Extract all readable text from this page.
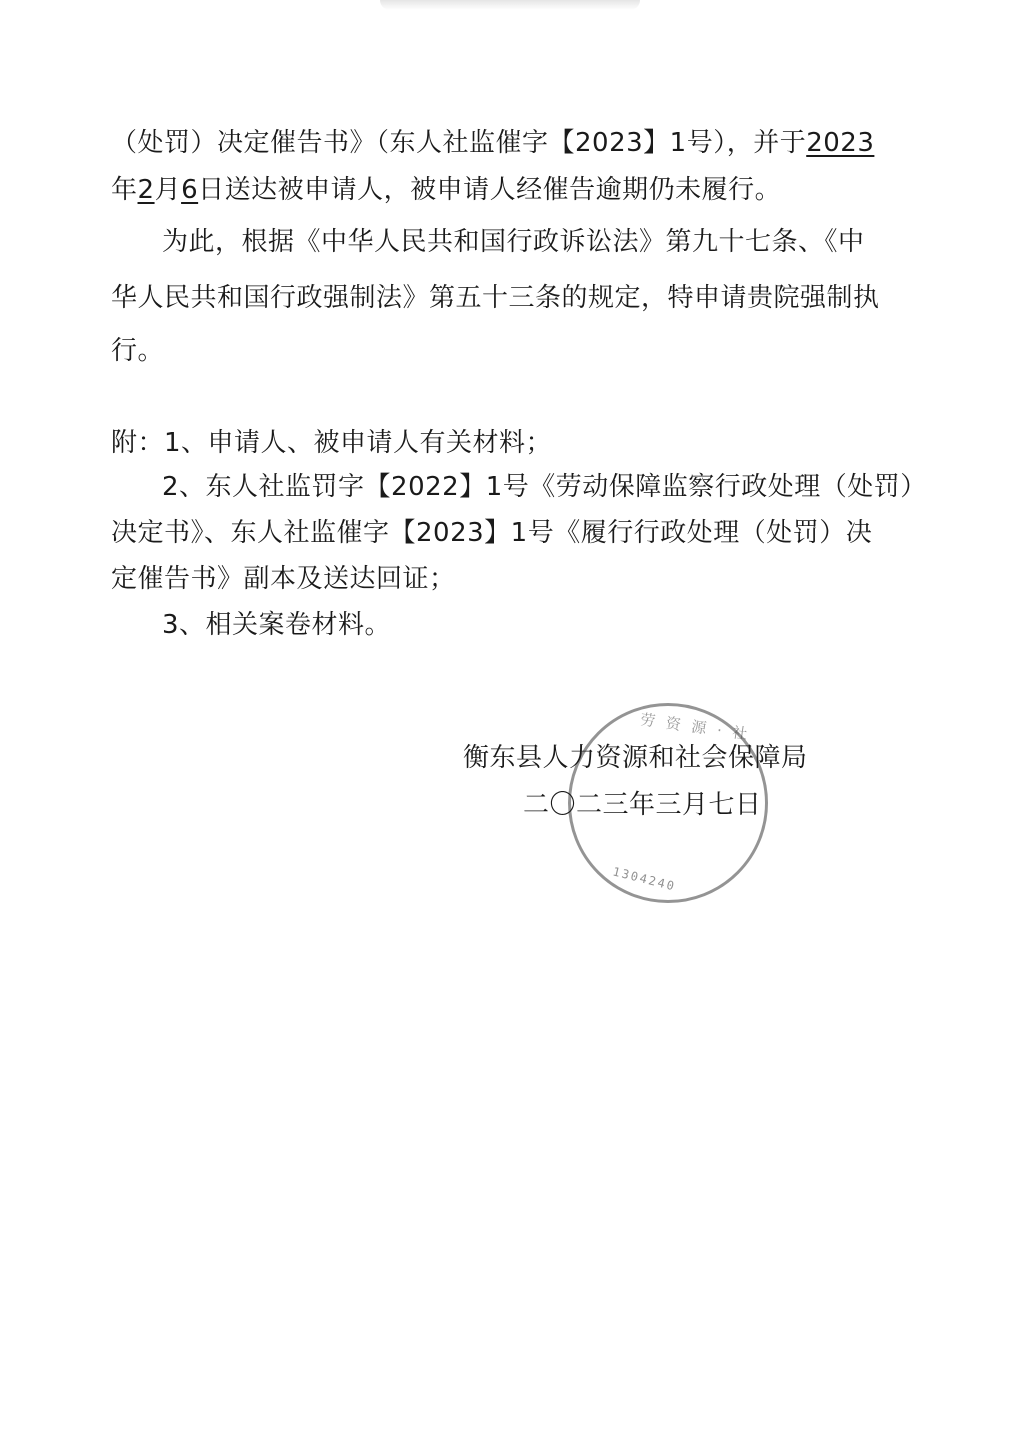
（处罚）决定催告书》（东人社监催字【2023】1号），并于2023
年2月6日送达被申请人，被申请人经催告逾期仍未履行。
为此，根据《中华人民共和国行政诉讼法》第九十七条、《中
华人民共和国行政强制法》第五十三条的规定，特申请贵院强制执
行。
附：1、申请人、被申请人有关材料；
2、东人社监罚字【2022】1号《劳动保障监察行政处理（处罚）
决定书》、东人社监催字【2023】1号《履行行政处理（处罚）决
定催告书》副本及送达回证；
3、相关案卷材料。
劳 资 源 · 社
1304240
衡东县人力资源和社会保障局
二〇二三年三月七日
